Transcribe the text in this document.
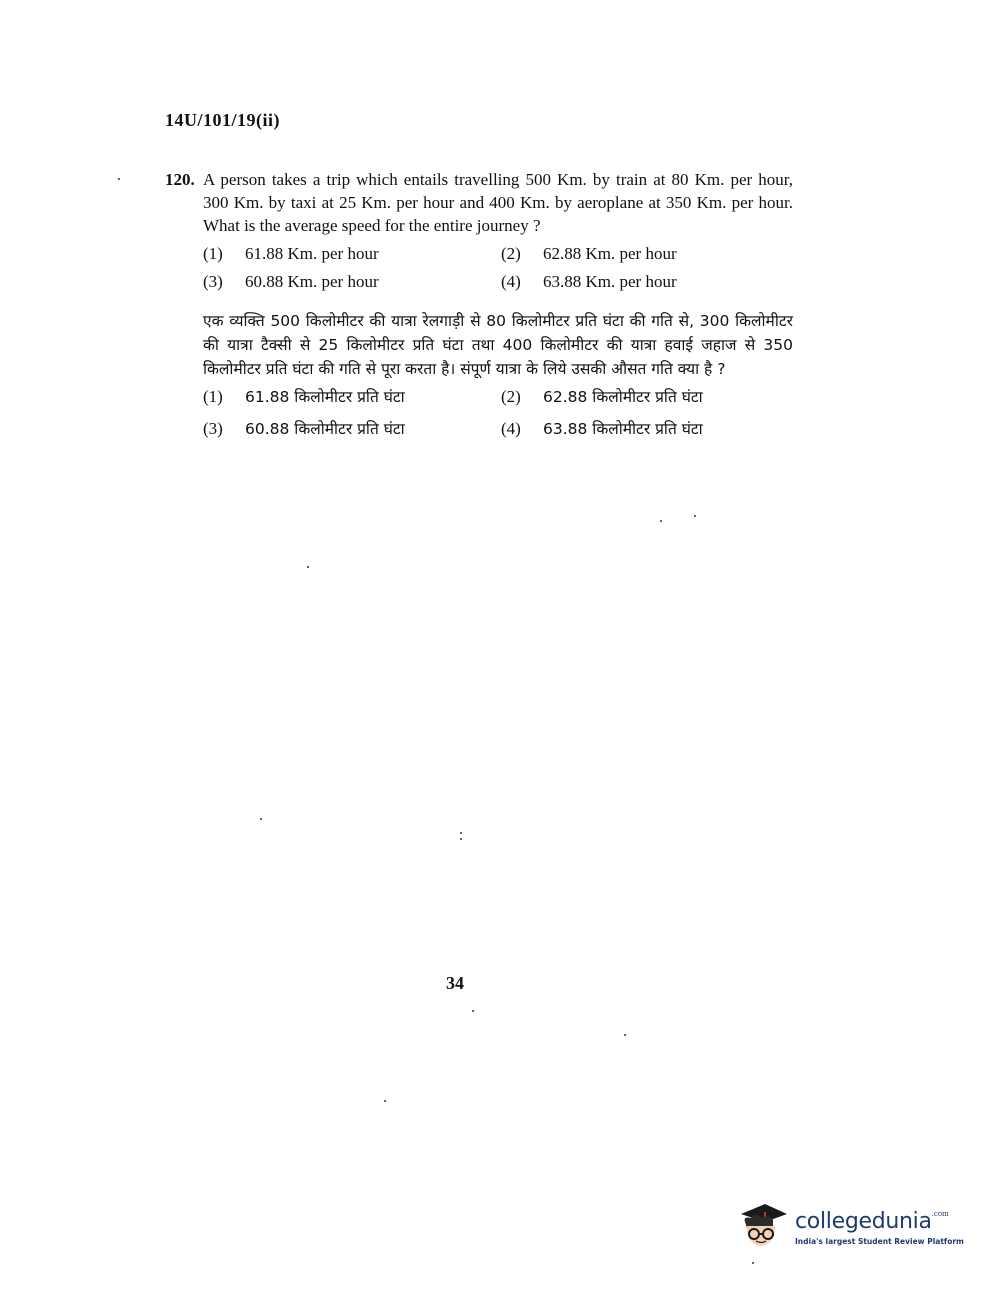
14U/101/19(ii)
120. A person takes a trip which entails travelling 500 Km. by train at 80 Km. per hour, 300 Km. by taxi at 25 Km. per hour and 400 Km. by aeroplane at 350 Km. per hour. What is the average speed for the entire journey ?
(1)	61.88 Km. per hour	(2)	62.88 Km. per hour
(3)	60.88 Km. per hour	(4)	63.88 Km. per hour
एक व्यक्ति 500 किलोमीटर की यात्रा रेलगाड़ी से 80 किलोमीटर प्रति घंटा की गति से, 300 किलोमीटर की यात्रा टैक्सी से 25 किलोमीटर प्रति घंटा तथा 400 किलोमीटर की यात्रा हवाई जहाज से 350 किलोमीटर प्रति घंटा की गति से पूरा करता है। संपूर्ण यात्रा के लिये उसकी औसत गति क्या है ?
(1)	61.88 किलोमीटर प्रति घंटा	(2)	62.88 किलोमीटर प्रति घंटा
(3)	60.88 किलोमीटर प्रति घंटा	(4)	63.88 किलोमीटर प्रति घंटा
34
collegedunia$^{.com}$
India's largest Student Review Platform
